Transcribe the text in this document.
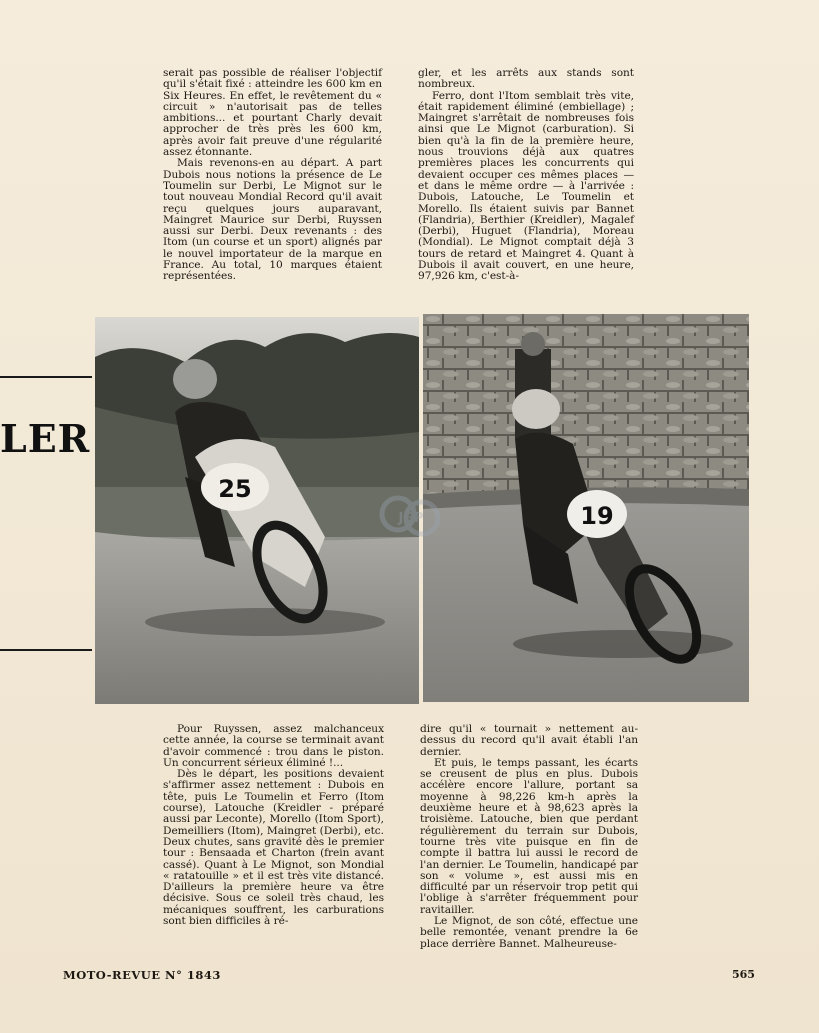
LER

serait pas possible de réaliser l'objectif qu'il s'était fixé : atteindre les 600 km en Six Heures. En effet, le revêtement du « circuit » n'autorisait pas de telles ambitions... et pourtant Charly devait approcher de très près les 600 km, après avoir fait preuve d'une régularité assez étonnante.

Mais revenons-en au départ. A part Dubois nous notions la présence de Le Toumelin sur Derbi, Le Mignot sur le tout nouveau Mondial Record qu'il avait reçu quelques jours auparavant, Maingret Maurice sur Derbi, Ruyssen aussi sur Derbi. Deux revenants : des Itom (un course et un sport) alignés par le nouvel importateur de la marque en France. Au total, 10 marques étaient représentées.

gler, et les arrêts aux stands sont nombreux.

Ferro, dont l'Itom semblait très vite, était rapidement éliminé (embiellage) ; Maingret s'arrêtait de nombreuses fois ainsi que Le Mignot (carburation). Si bien qu'à la fin de la première heure, nous trouvions déjà aux quatres premières places les concurrents qui devaient occuper ces mêmes places — et dans le même ordre — à l'arrivée : Dubois, Latouche, Le Toumelin et Morello. Ils étaient suivis par Bannet (Flandria), Berthier (Kreidler), Magalef (Derbi), Huguet (Flandria), Moreau (Mondial). Le Mignot comptait déjà 3 tours de retard et Maingret 4. Quant à Dubois il avait couvert, en une heure, 97,926 km, c'est-à-

25
19
JGP

Pour Ruyssen, assez malchanceux cette année, la course se terminait avant d'avoir commencé : trou dans le piston. Un concurrent sérieux éliminé !...

Dès le départ, les positions devaient s'affirmer assez nettement : Dubois en tête, puis Le Toumelin et Ferro (Itom course), Latouche (Kreidler - préparé aussi par Leconte), Morello (Itom Sport), Demeilliers (Itom), Maingret (Derbi), etc. Deux chutes, sans gravité dès le premier tour : Bensaada et Charton (frein avant cassé). Quant à Le Mignot, son Mondial « ratatouille » et il est très vite distancé. D'ailleurs la première heure va être décisive. Sous ce soleil très chaud, les mécaniques souffrent, les carburations sont bien difficiles à ré-

dire qu'il « tournait » nettement au-dessus du record qu'il avait établi l'an dernier.

Et puis, le temps passant, les écarts se creusent de plus en plus. Dubois accélère encore l'allure, portant sa moyenne à 98,226 km-h après la deuxième heure et à 98,623 après la troisième. Latouche, bien que perdant régulièrement du terrain sur Dubois, tourne très vite puisque en fin de compte il battra lui aussi le record de l'an dernier. Le Toumelin, handicapé par son « volume », est aussi mis en difficulté par un réservoir trop petit qui l'oblige à s'arrêter fréquemment pour ravitailler.

Le Mignot, de son côté, effectue une belle remontée, venant prendre la 6e place derrière Bannet. Malheureuse-

MOTO-REVUE N° 1843	565
